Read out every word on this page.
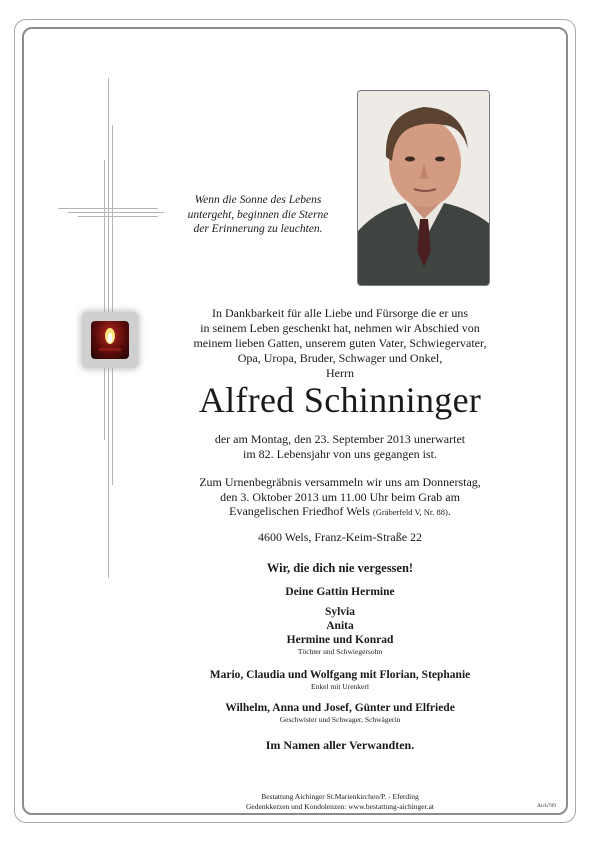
Wenn die Sonne des Lebens
untergeht, beginnen die Sterne
der Erinnerung zu leuchten.
In Dankbarkeit für alle Liebe und Fürsorge die er uns
in seinem Leben geschenkt hat, nehmen wir Abschied von
meinem lieben Gatten, unserem guten Vater, Schwiegervater,
Opa, Uropa, Bruder, Schwager und Onkel,
Herrn
Alfred Schinninger
der am Montag, den 23. September 2013 unerwartet
im 82. Lebensjahr von uns gegangen ist.
Zum Urnenbegräbnis versammeln wir uns am Donnerstag,
den 3. Oktober 2013 um 11.00 Uhr beim Grab am
Evangelischen Friedhof Wels (Gräberfeld V, Nr. 88).
4600 Wels, Franz-Keim-Straße 22
Wir, die dich nie vergessen!
Deine Gattin Hermine
Sylvia
Anita
Hermine und Konrad
Töchter und Schwiegersohn
Mario, Claudia und Wolfgang mit Florian, Stephanie
Enkel mit Urenkerl
Wilhelm, Anna und Josef, Günter und Elfriede
Geschwister und Schwager, Schwägerin
Im Namen aller Verwandten.
Bestattung Aichinger St.Marienkirchen/P. - Eferding
Gedenkkerzen und Kondolenzen: www.bestattung-aichinger.at	Aich709
